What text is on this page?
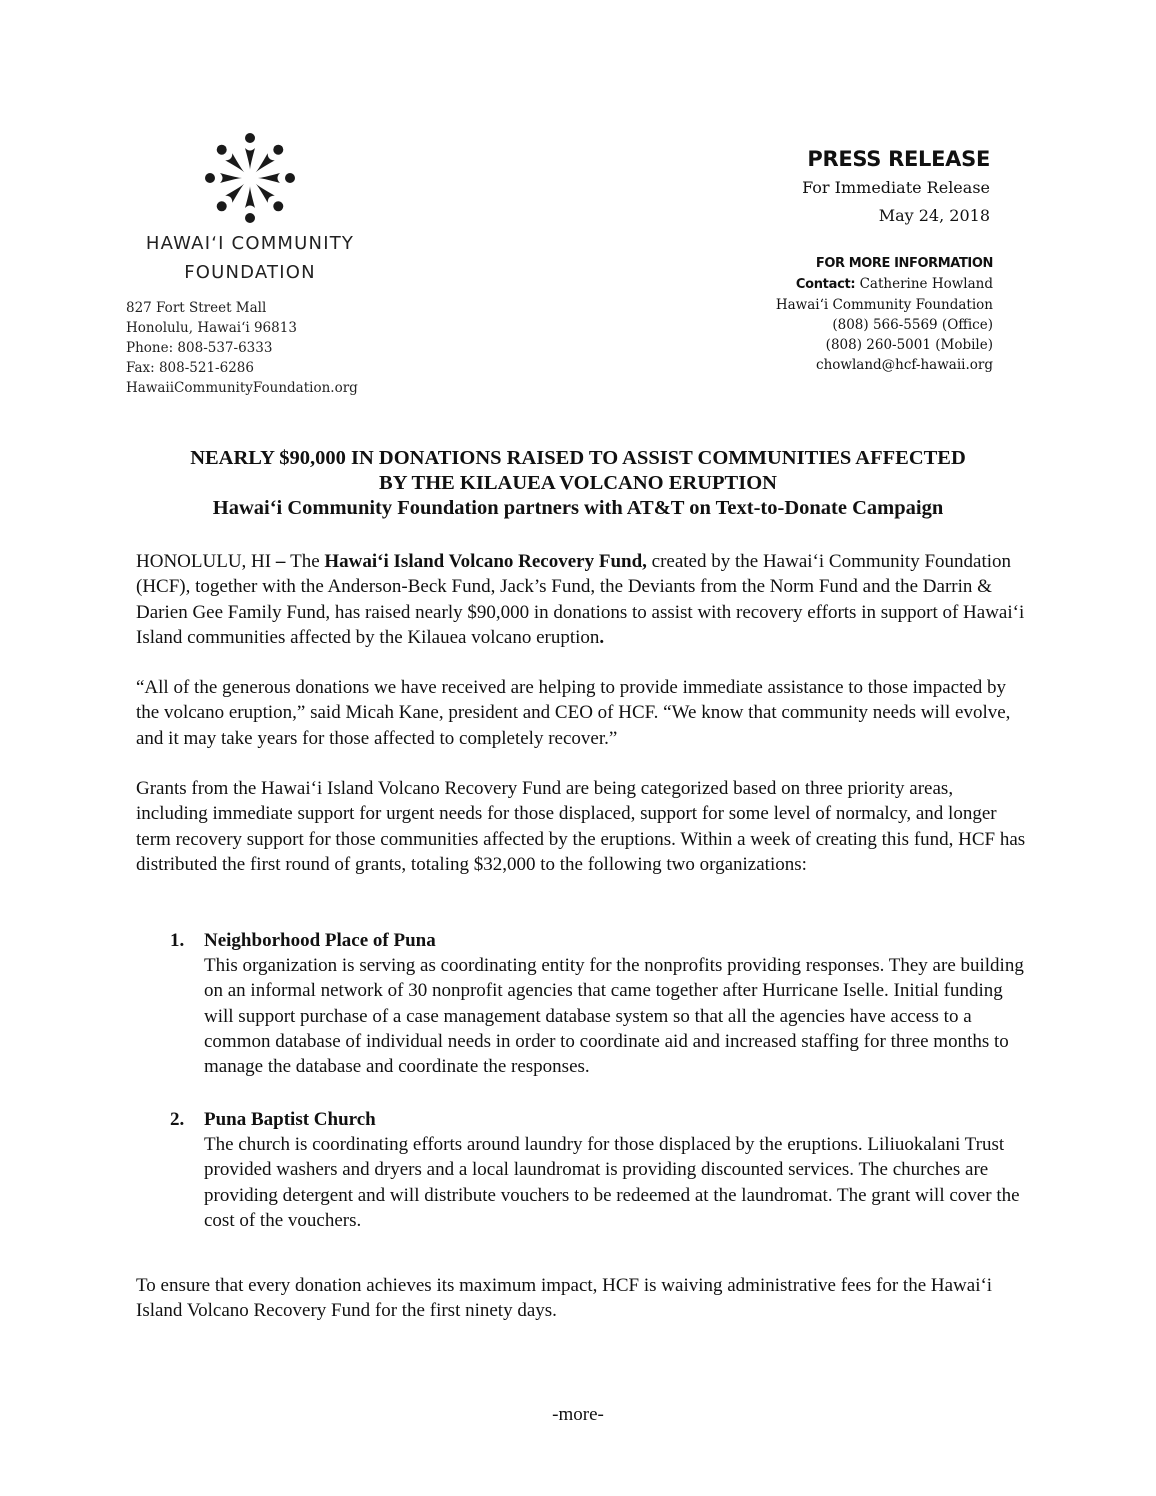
HAWAIʻI COMMUNITY
FOUNDATION
827 Fort Street Mall
Honolulu, Hawaiʻi 96813
Phone: 808-537-6333
Fax: 808-521-6286
HawaiiCommunityFoundation.org
PRESS RELEASE
For Immediate Release
May 24, 2018
FOR MORE INFORMATION
Contact: Catherine Howland
Hawaiʻi Community Foundation
(808) 566-5569 (Office)
(808) 260-5001 (Mobile)
chowland@hcf-hawaii.org
NEARLY $90,000 IN DONATIONS RAISED TO ASSIST COMMUNITIES AFFECTED
BY THE KILAUEA VOLCANO ERUPTION
Hawaiʻi Community Foundation partners with AT&T on Text-to-Donate Campaign

HONOLULU, HI – The Hawaiʻi Island Volcano Recovery Fund, created by the Hawaiʻi Community Foundation (HCF), together with the Anderson-Beck Fund, Jack’s Fund, the Deviants from the Norm Fund and the Darrin & Darien Gee Family Fund, has raised nearly $90,000 in donations to assist with recovery efforts in support of Hawaiʻi Island communities affected by the Kilauea volcano eruption.

“All of the generous donations we have received are helping to provide immediate assistance to those impacted by the volcano eruption,” said Micah Kane, president and CEO of HCF. “We know that community needs will evolve, and it may take years for those affected to completely recover.”

Grants from the Hawaiʻi Island Volcano Recovery Fund are being categorized based on three priority areas, including immediate support for urgent needs for those displaced, support for some level of normalcy, and longer term recovery support for those communities affected by the eruptions. Within a week of creating this fund, HCF has distributed the first round of grants, totaling $32,000 to the following two organizations:

1. Neighborhood Place of Puna

This organization is serving as coordinating entity for the nonprofits providing responses. They are building on an informal network of 30 nonprofit agencies that came together after Hurricane Iselle. Initial funding will support purchase of a case management database system so that all the agencies have access to a common database of individual needs in order to coordinate aid and increased staffing for three months to manage the database and coordinate the responses.

2. Puna Baptist Church

The church is coordinating efforts around laundry for those displaced by the eruptions. Liliuokalani Trust provided washers and dryers and a local laundromat is providing discounted services. The churches are providing detergent and will distribute vouchers to be redeemed at the laundromat. The grant will cover the cost of the vouchers.

To ensure that every donation achieves its maximum impact, HCF is waiving administrative fees for the Hawaiʻi Island Volcano Recovery Fund for the first ninety days.

-more-
